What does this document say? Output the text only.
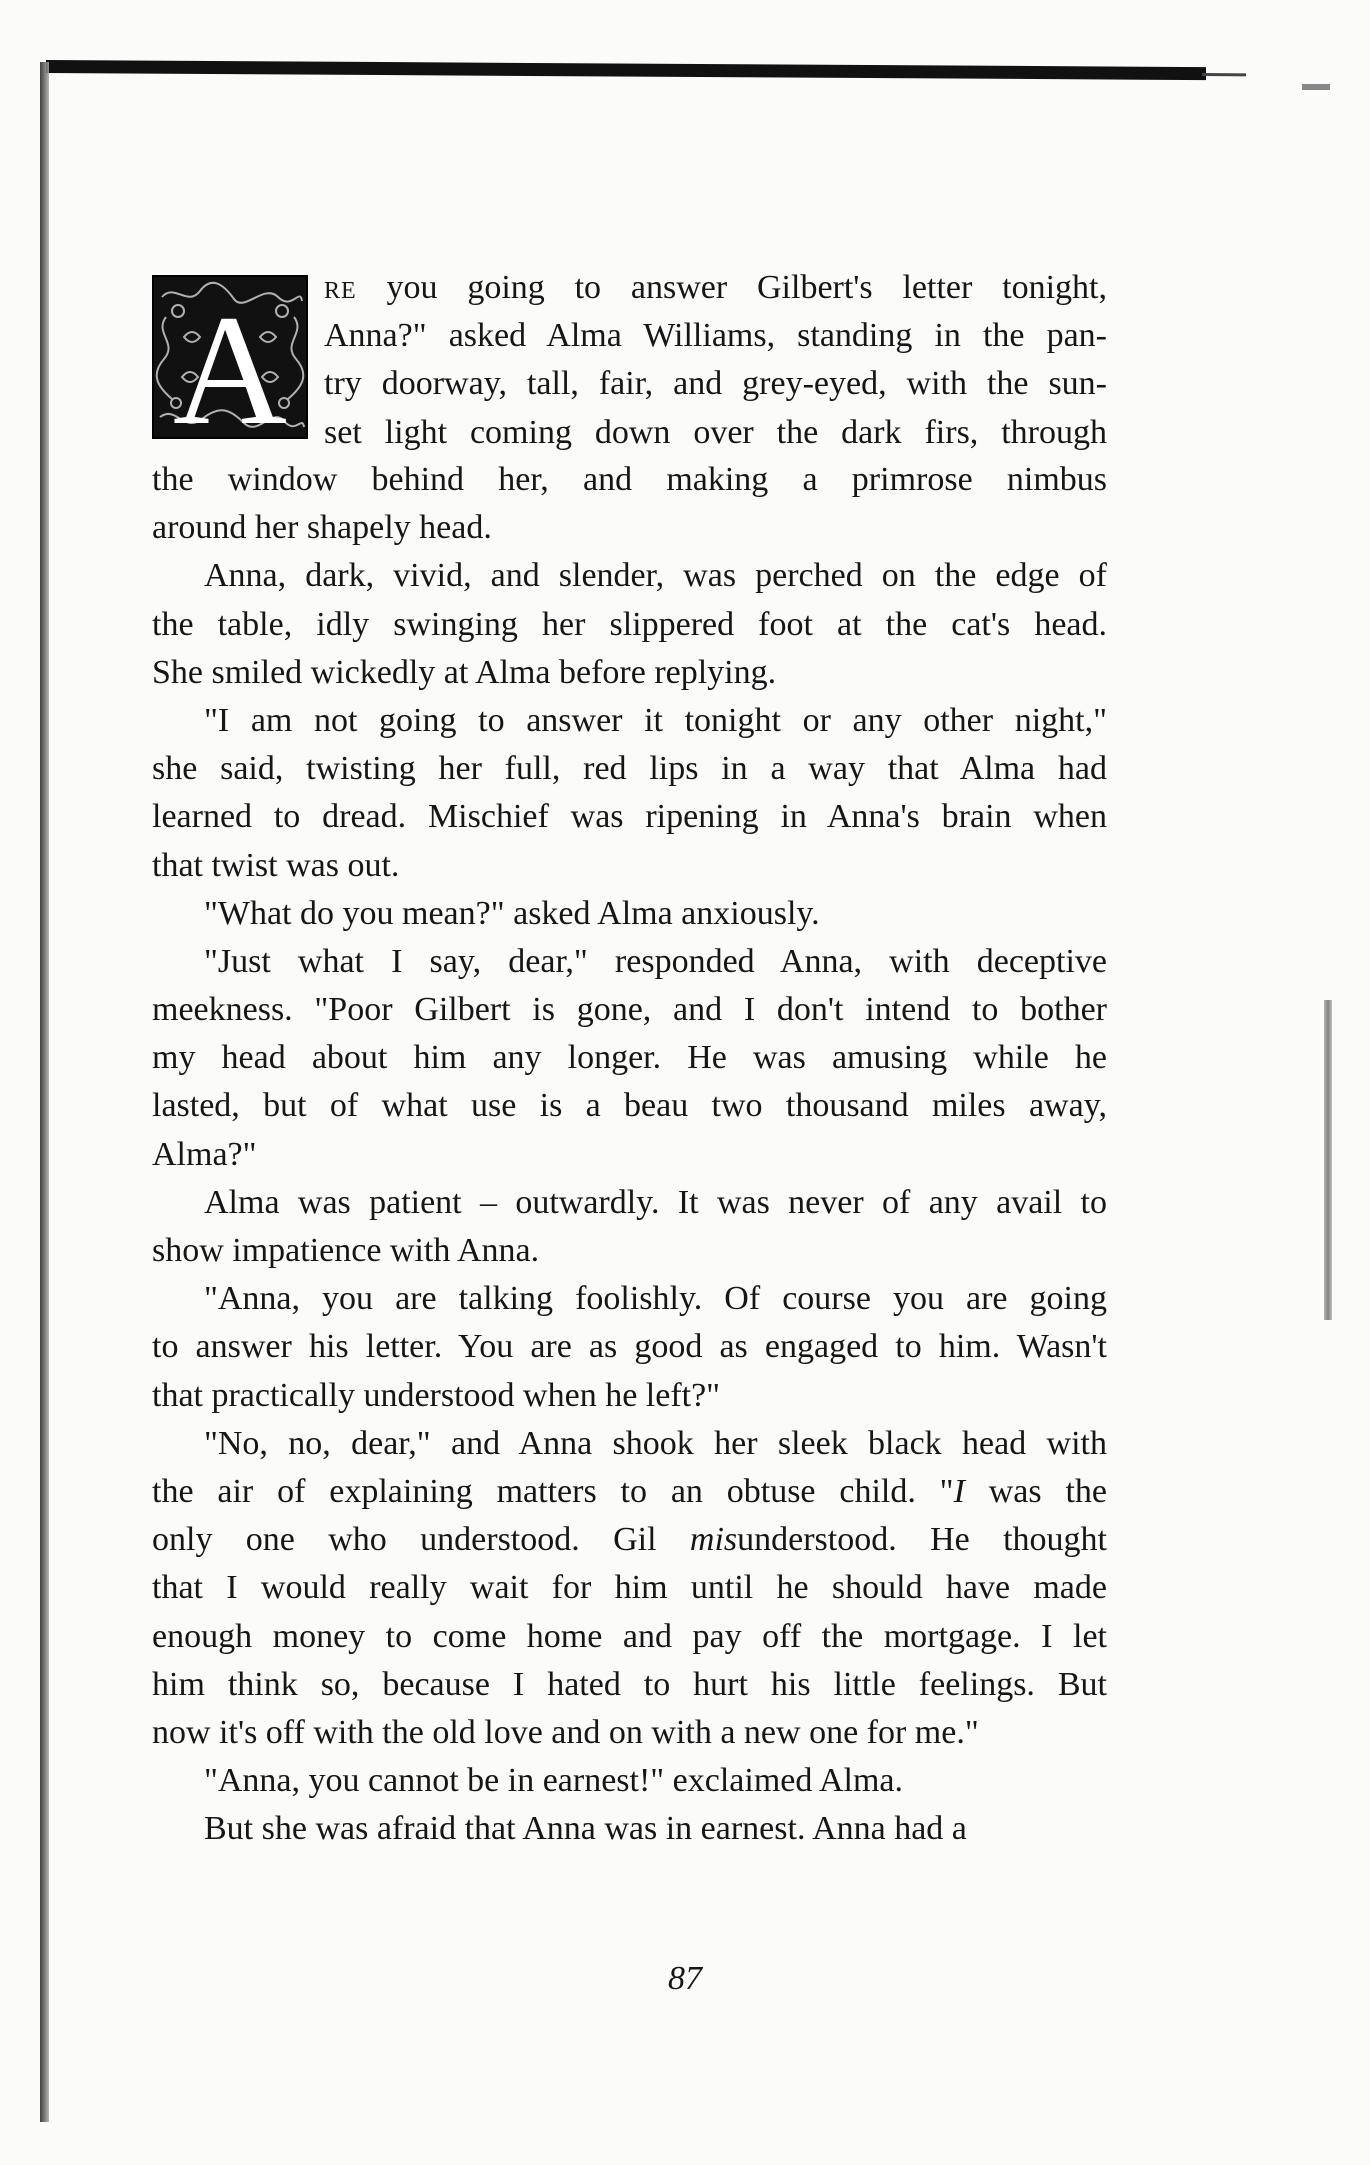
A re you going to answer Gilbert's letter tonight,
Anna?" asked Alma Williams, standing in the pan-
try doorway, tall, fair, and grey-eyed, with the sun-
set light coming down over the dark firs, through
the window behind her, and making a primrose nimbus
around her shapely head.
Anna, dark, vivid, and slender, was perched on the edge of
the table, idly swinging her slippered foot at the cat's head.
She smiled wickedly at Alma before replying.
"I am not going to answer it tonight or any other night,"
she said, twisting her full, red lips in a way that Alma had
learned to dread. Mischief was ripening in Anna's brain when
that twist was out.
"What do you mean?" asked Alma anxiously.
"Just what I say, dear," responded Anna, with deceptive
meekness. "Poor Gilbert is gone, and I don't intend to bother
my head about him any longer. He was amusing while he
lasted, but of what use is a beau two thousand miles away,
Alma?"
Alma was patient – outwardly. It was never of any avail to
show impatience with Anna.
"Anna, you are talking foolishly. Of course you are going
to answer his letter. You are as good as engaged to him. Wasn't
that practically understood when he left?"
"No, no, dear," and Anna shook her sleek black head with
the air of explaining matters to an obtuse child. "I was the
only one who understood. Gil misunderstood. He thought
that I would really wait for him until he should have made
enough money to come home and pay off the mortgage. I let
him think so, because I hated to hurt his little feelings. But
now it's off with the old love and on with a new one for me."
"Anna, you cannot be in earnest!" exclaimed Alma.
But she was afraid that Anna was in earnest. Anna had a
87
